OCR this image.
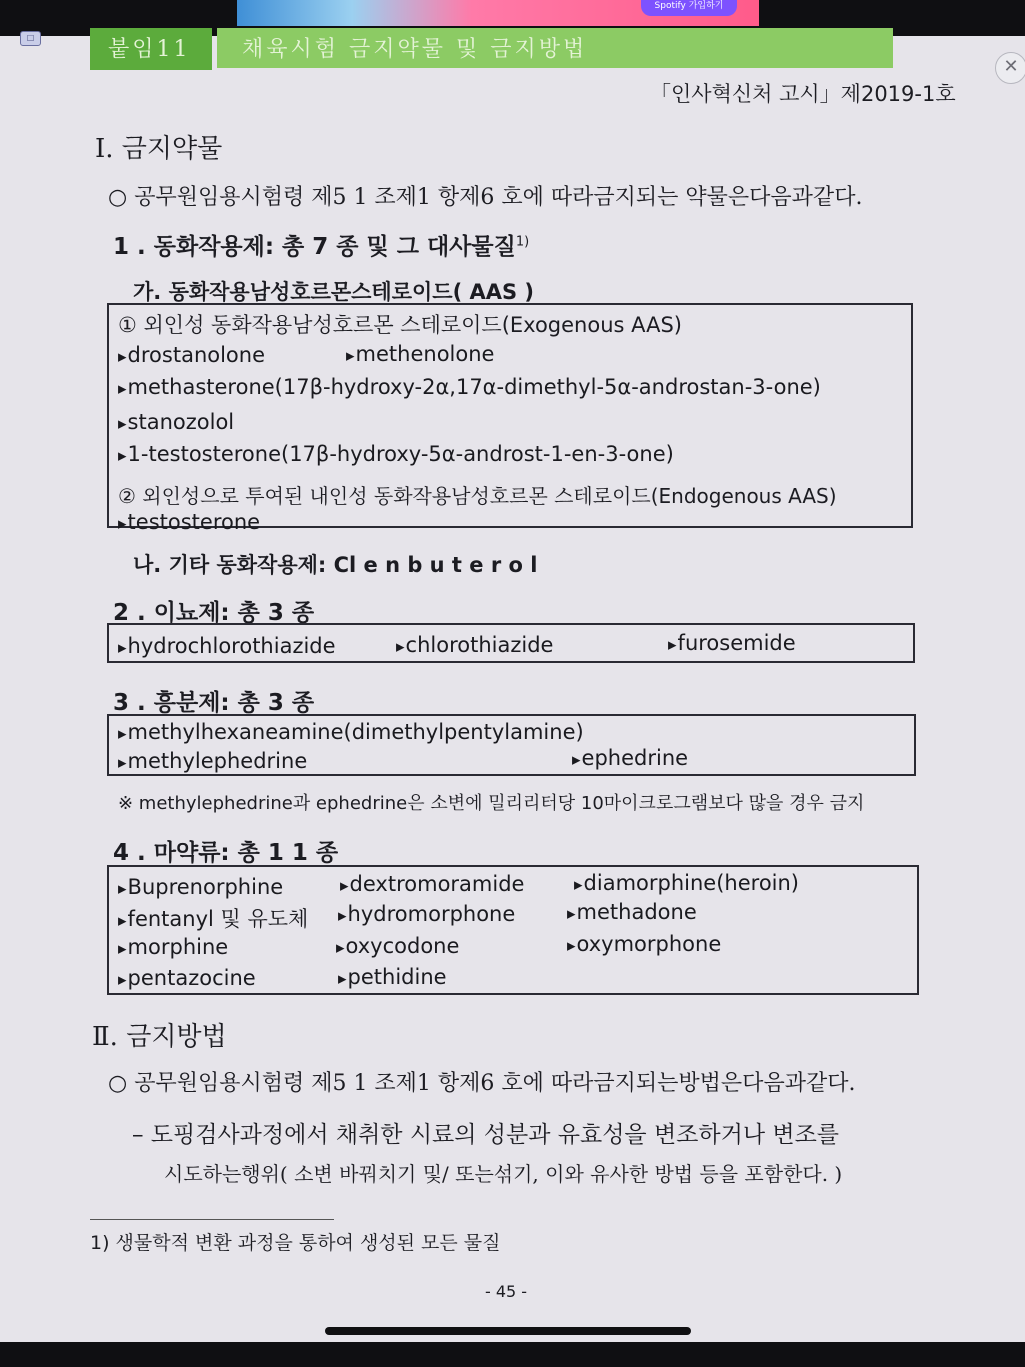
Spotify 가입하기
□
✕
붙임11 채육시험 금지약물 및 금지방법
「인사혁신처 고시」제2019-1호
Ⅰ. 금지약물
○ 공무원임용시험령 제5 1 조제1 항제6 호에 따라금지되는 약물은다음과같다.
1 . 동화작용제: 총 7 종 및 그 대사물질$^{1)}$
가. 동화작용남성호르몬스테로이드( AAS )
① 외인성 동화작용남성호르몬 스테로이드(Exogenous AAS)
▸ drostanolone	▸ methenolone
▸ methasterone(17β-hydroxy-2α,17α-dimethyl-5α-androstan-3-one)
▸ stanozolol
▸ 1-testosterone(17β-hydroxy-5α-androst-1-en-3-one)
② 외인성으로 투여된 내인성 동화작용남성호르몬 스테로이드(Endogenous AAS)
▸ testosterone
나. 기타 동화작용제: Cl e n b u t e r o l
2 . 이뇨제: 총 3 종
▸ hydrochlorothiazide	▸ chlorothiazide	▸ furosemide
3 . 흥분제: 총 3 종
▸ methylhexaneamine(dimethylpentylamine)
▸ methylephedrine	▸ ephedrine
※ methylephedrine과 ephedrine은 소변에 밀리리터당 10마이크로그램보다 많을 경우 금지
4 . 마약류: 총 1 1 종
▸ Buprenorphine	▸ dextromoramide	▸ diamorphine(heroin)
▸ fentanyl 및 유도체	▸ hydromorphone	▸ methadone
▸ morphine	▸ oxycodone	▸ oxymorphone
▸ pentazocine	▸ pethidine
Ⅱ. 금지방법
○ 공무원임용시험령 제5 1 조제1 항제6 호에 따라금지되는방법은다음과같다.
– 도핑검사과정에서 채취한 시료의 성분과 유효성을 변조하거나 변조를
시도하는행위( 소변 바꿔치기 및/ 또는섞기, 이와 유사한 방법 등을 포함한다. )
1) 생물학적 변환 과정을 통하여 생성된 모든 물질
- 45 -
